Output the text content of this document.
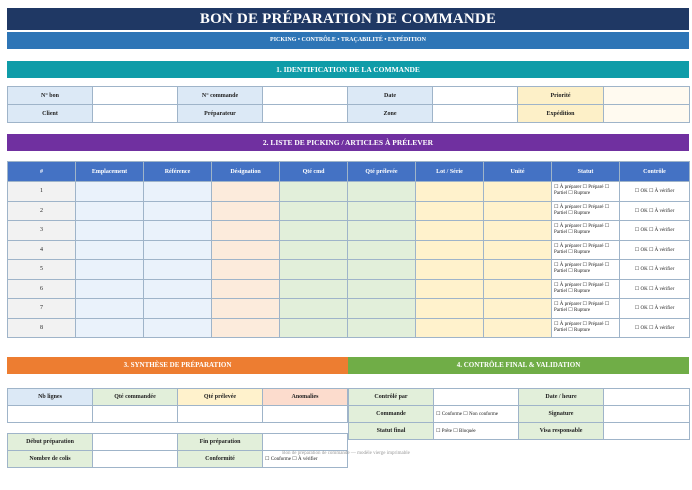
BON DE PRÉPARATION DE COMMANDE
PICKING • CONTRÔLE • TRAÇABILITÉ • EXPÉDITION
1. IDENTIFICATION DE LA COMMANDE
N° bon		N° commande		Date		Priorité	
Client		Préparateur		Zone		Expédition	
2. LISTE DE PICKING / ARTICLES À PRÉLEVER
#	Emplacement	Référence	Désignation	Qté cmd	Qté prélevée	Lot / Série	Unité	Statut	Contrôle
1								☐ À préparer ☐ Préparé ☐ Partiel ☐ Rupture	☐ OK ☐ À vérifier
2								☐ À préparer ☐ Préparé ☐ Partiel ☐ Rupture	☐ OK ☐ À vérifier
3								☐ À préparer ☐ Préparé ☐ Partiel ☐ Rupture	☐ OK ☐ À vérifier
4								☐ À préparer ☐ Préparé ☐ Partiel ☐ Rupture	☐ OK ☐ À vérifier
5								☐ À préparer ☐ Préparé ☐ Partiel ☐ Rupture	☐ OK ☐ À vérifier
6								☐ À préparer ☐ Préparé ☐ Partiel ☐ Rupture	☐ OK ☐ À vérifier
7								☐ À préparer ☐ Préparé ☐ Partiel ☐ Rupture	☐ OK ☐ À vérifier
8								☐ À préparer ☐ Préparé ☐ Partiel ☐ Rupture	☐ OK ☐ À vérifier
3. SYNTHÈSE DE PRÉPARATION	4. CONTRÔLE FINAL & VALIDATION
Nb lignes	Qté commandée	Qté prélevée	Anomalies

Début préparation		Fin préparation	
Nombre de colis		Conformité	☐ Conforme ☐ À vérifier
Contrôlé par		Date / heure	
Commande	☐ Conforme ☐ Non conforme	Signature	
Statut final	☐ Prête ☐ Bloquée	Visa responsable	
Bon de préparation de commande — modèle vierge imprimable
